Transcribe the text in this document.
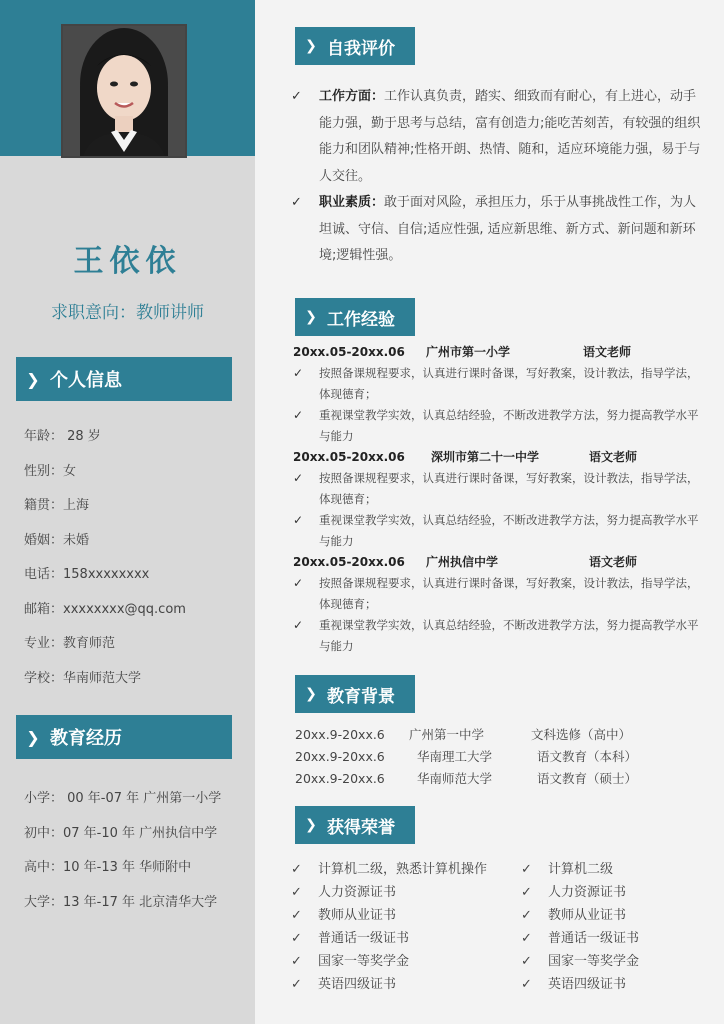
王依依
求职意向：教师讲师
❯ 个人信息
年龄： 28 岁
性别：女
籍贯：上海
婚姻：未婚
电话：158xxxxxxxx
邮箱：xxxxxxxx@qq.com
专业：教育师范
学校：华南师范大学
❯ 教育经历
小学： 00 年-07 年 广州第一小学
初中：07 年-10 年 广州执信中学
高中：10 年-13 年 华师附中
大学：13 年-17 年 北京清华大学
❯ 自我评价
✓ 工作方面：工作认真负责，踏实、细致而有耐心，有上进心，动手能力强，勤于思考与总结，富有创造力;能吃苦刻苦，有较强的组织能力和团队精神;性格开朗、热情、随和，适应环境能力强，易于与人交往。
✓ 职业素质：敢于面对风险，承担压力，乐于从事挑战性工作，为人坦诚、守信、自信;适应性强, 适应新思维、新方式、新问题和新环境;逻辑性强。
❯ 工作经验
20xx.05-20xx.06 广州市第一小学	语文老师
✓ 按照备课规程要求，认真进行课时备课，写好教案，设计教法，指导学法，体现德育；
✓ 重视课堂教学实效，认真总结经验，不断改进教学方法，努力提高教学水平与能力
20xx.05-20xx.06 深圳市第二十一中学	语文老师
✓ 按照备课规程要求，认真进行课时备课，写好教案，设计教法，指导学法，体现德育；
✓ 重视课堂教学实效，认真总结经验，不断改进教学方法，努力提高教学水平与能力
20xx.05-20xx.06 广州执信中学	语文老师
✓ 按照备课规程要求，认真进行课时备课，写好教案，设计教法，指导学法，体现德育；
✓ 重视课堂教学实效，认真总结经验，不断改进教学方法，努力提高教学水平与能力
❯ 教育背景
20xx.9-20xx.6 广州第一中学	文科选修（高中）
20xx.9-20xx.6	华南理工大学	语文教育（本科）
20xx.9-20xx.6	华南师范大学	语文教育（硕士）
❯ 获得荣誉
✓ 计算机二级，熟悉计算机操作	✓ 计算机二级
✓ 人力资源证书	✓ 人力资源证书
✓ 教师从业证书	✓ 教师从业证书
✓ 普通话一级证书	✓ 普通话一级证书
✓ 国家一等奖学金	✓ 国家一等奖学金
✓ 英语四级证书	✓ 英语四级证书
